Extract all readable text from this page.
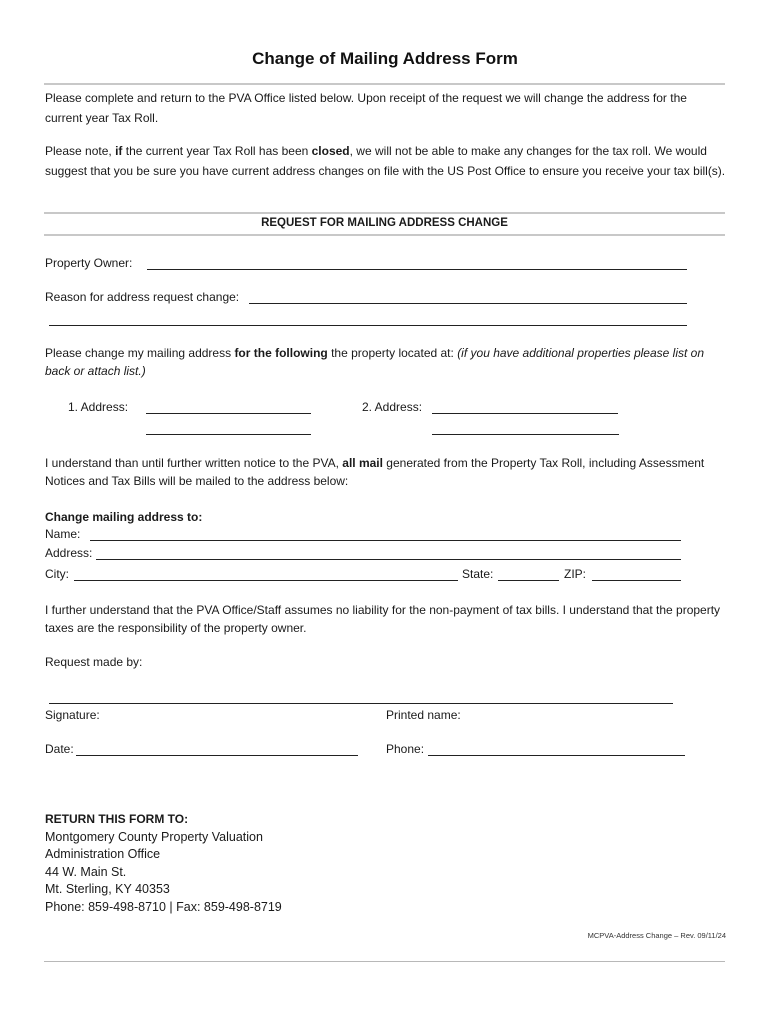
Change of Mailing Address Form
Please complete and return to the PVA Office listed below. Upon receipt of the request we will change the address for the current year Tax Roll.
Please note, if the current year Tax Roll has been closed, we will not be able to make any changes for the tax roll. We would suggest that you be sure you have current address changes on file with the US Post Office to ensure you receive your tax bill(s).
REQUEST FOR MAILING ADDRESS CHANGE
Property Owner:
Reason for address request change:
Please change my mailing address for the following the property located at: (if you have additional properties please list on back or attach list.)
1. Address:	2. Address:
I understand than until further written notice to the PVA, all mail generated from the Property Tax Roll, including Assessment Notices and Tax Bills will be mailed to the address below:
Change mailing address to:
Name:
Address:
City:	State:	ZIP:
I further understand that the PVA Office/Staff assumes no liability for the non-payment of tax bills. I understand that the property taxes are the responsibility of the property owner.
Request made by:
Signature:	Printed name:
Date:	Phone:
RETURN THIS FORM TO:
Montgomery County Property Valuation
Administration Office
44 W. Main St.
Mt. Sterling, KY 40353
Phone: 859-498-8710 | Fax: 859-498-8719
MCPVA-Address Change – Rev. 09/11/24
